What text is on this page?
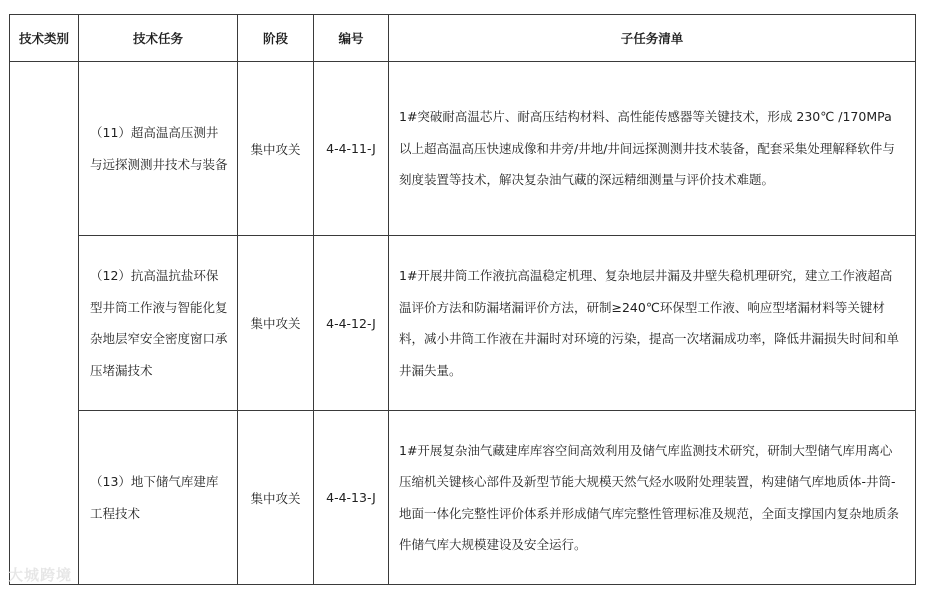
技术类别	技术任务	阶段	编号	子任务清单
	（11）超高温高压测井与远探测测井技术与装备	集中攻关	4-4-11-J	1#突破耐高温芯片、耐高压结构材料、高性能传感器等关键技术，形成 230℃ /170MPa 以上超高温高压快速成像和井旁/井地/井间远探测测井技术装备，配套采集处理解释软件与刻度装置等技术，解决复杂油气藏的深远精细测量与评价技术难题。
	（12）抗高温抗盐环保型井筒工作液与智能化复杂地层窄安全密度窗口承压堵漏技术	集中攻关	4-4-12-J	1#开展井筒工作液抗高温稳定机理、复杂地层井漏及井壁失稳机理研究，建立工作液超高温评价方法和防漏堵漏评价方法，研制≥240℃环保型工作液、响应型堵漏材料等关键材料，减小井筒工作液在井漏时对环境的污染，提高一次堵漏成功率，降低井漏损失时间和单井漏失量。
	（13）地下储气库建库工程技术	集中攻关	4-4-13-J	1#开展复杂油气藏建库库容空间高效利用及储气库监测技术研究，研制大型储气库用离心压缩机关键核心部件及新型节能大规模天然气烃水吸附处理装置，构建储气库地质体-井筒-地面一体化完整性评价体系并形成储气库完整性管理标准及规范，全面支撑国内复杂地质条件储气库大规模建设及安全运行。
大城跨境
